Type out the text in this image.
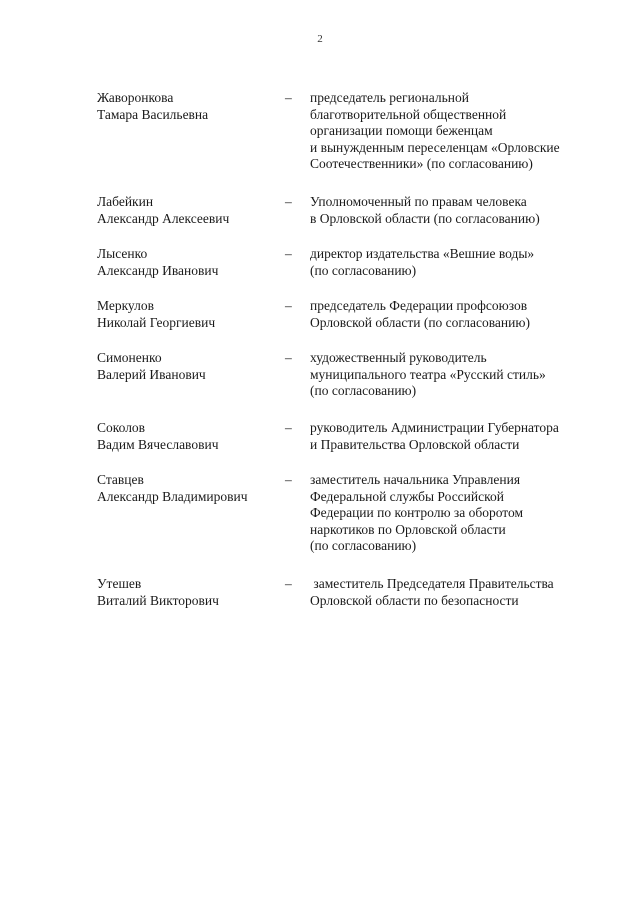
2
Жаворонкова
Тамара Васильевна
–	председатель региональной
благотворительной общественной
организации помощи беженцам
и вынужденным переселенцам «Орловские
Соотечественники» (по согласованию)
Лабейкин
Александр Алексеевич
–	Уполномоченный по правам человека
в Орловской области (по согласованию)
Лысенко
Александр Иванович
–	директор издательства «Вешние воды»
(по согласованию)
Меркулов
Николай Георгиевич
–	председатель Федерации профсоюзов
Орловской области (по согласованию)
Симоненко
Валерий Иванович
–	художественный руководитель
муниципального театра «Русский стиль»
(по согласованию)
Соколов
Вадим Вячеславович
–	руководитель Администрации Губернатора
и Правительства Орловской области
Ставцев
Александр Владимирович
–	заместитель начальника Управления
Федеральной службы Российской
Федерации по контролю за оборотом
наркотиков по Орловской области
(по согласованию)
Утешев
Виталий Викторович
–	заместитель Председателя Правительства
Орловской области по безопасности
